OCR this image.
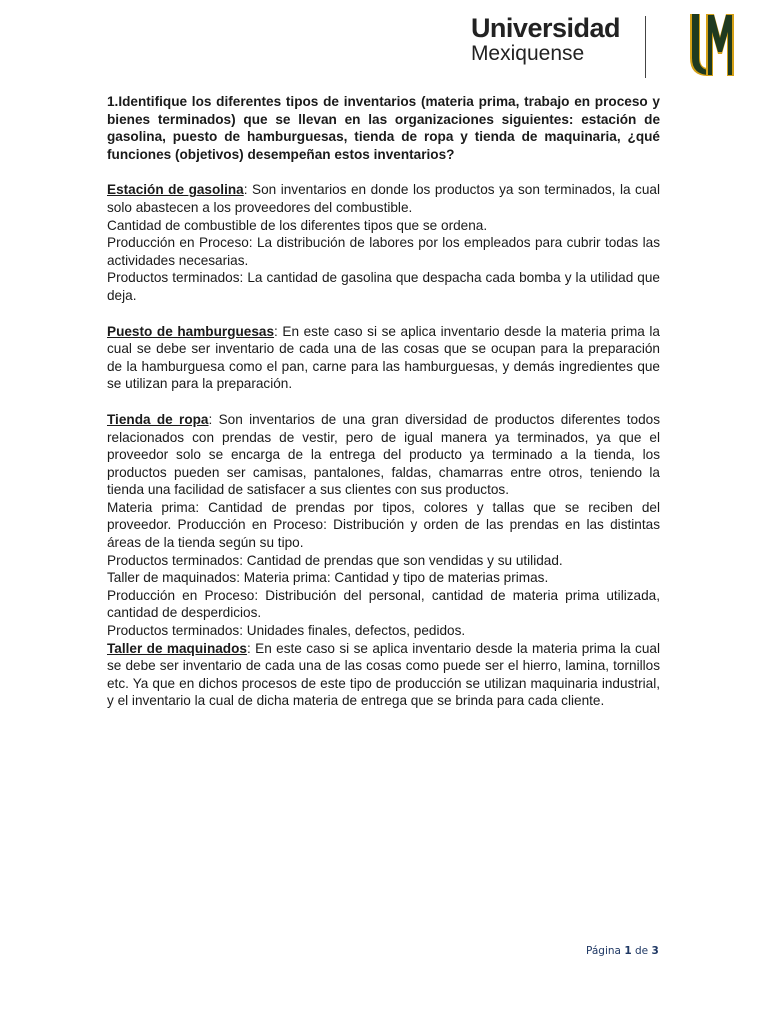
Universidad
Mexiquense

1.Identifique los diferentes tipos de inventarios (materia prima, trabajo en proceso y bienes terminados) que se llevan en las organizaciones siguientes: estación de gasolina, puesto de hamburguesas, tienda de ropa y tienda de maquinaria, ¿qué funciones (objetivos) desempeñan estos inventarios?

Estación de gasolina: Son inventarios en donde los productos ya son terminados, la cual solo abastecen a los proveedores del combustible.

Cantidad de combustible de los diferentes tipos que se ordena.

Producción en Proceso: La distribución de labores por los empleados para cubrir todas las actividades necesarias.

Productos terminados: La cantidad de gasolina que despacha cada bomba y la utilidad que deja.

Puesto de hamburguesas: En este caso si se aplica inventario desde la materia prima la cual se debe ser inventario de cada una de las cosas que se ocupan para la preparación de la hamburguesa como el pan, carne para las hamburguesas, y demás ingredientes que se utilizan para la preparación.

Tienda de ropa: Son inventarios de una gran diversidad de productos diferentes todos relacionados con prendas de vestir, pero de igual manera ya terminados, ya que el proveedor solo se encarga de la entrega del producto ya terminado a la tienda, los productos pueden ser camisas, pantalones, faldas, chamarras entre otros, teniendo la tienda una facilidad de satisfacer a sus clientes con sus productos.

Materia prima: Cantidad de prendas por tipos, colores y tallas que se reciben del proveedor. Producción en Proceso: Distribución y orden de las prendas en las distintas áreas de la tienda según su tipo.

Productos terminados: Cantidad de prendas que son vendidas y su utilidad.

Taller de maquinados: Materia prima: Cantidad y tipo de materias primas.

Producción en Proceso: Distribución del personal, cantidad de materia prima utilizada, cantidad de desperdicios.

Productos terminados: Unidades finales, defectos, pedidos.

Taller de maquinados: En este caso si se aplica inventario desde la materia prima la cual se debe ser inventario de cada una de las cosas como puede ser el hierro, lamina, tornillos etc. Ya que en dichos procesos de este tipo de producción se utilizan maquinaria industrial, y el inventario la cual de dicha materia de entrega que se brinda para cada cliente.

Página 1 de 3
